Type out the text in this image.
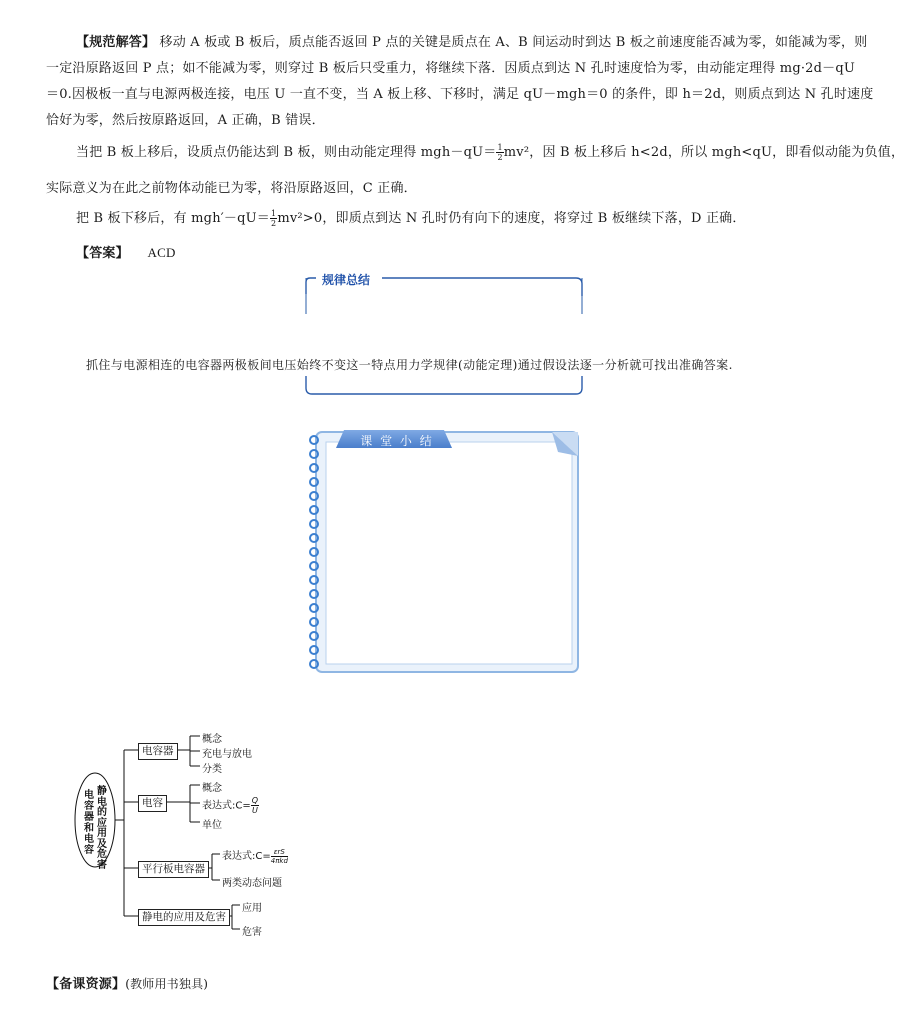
【规范解答】 移动 A 板或 B 板后，质点能否返回 P 点的关键是质点在 A、B 间运动时到达 B 板之前速度能否减为零，如能减为零，则
一定沿原路返回 P 点；如不能减为零，则穿过 B 板后只受重力，将继续下落．因质点到达 N 孔时速度恰为零，由动能定理得 mg·2d－qU
＝0.因极板一直与电源两极连接，电压 U 一直不变，当 A 板上移、下移时，满足 qU－mgh＝0 的条件，即 h＝2d，则质点到达 N 孔时速度
恰好为零，然后按原路返回，A 正确，B 错误．
当把 B 板上移后，设质点仍能达到 B 板，则由动能定理得 $mgh-qU= \frac{1}{2} mv^2$，因 B 板上移后 h<2d，所以 mgh<qU，即看似动能为负值，
实际意义为在此之前物体动能已为零，将沿原路返回，C 正确．
把 B 板下移后，有 $mgh'-qU= \frac{1}{2} mv^2>0$，即质点到达 N 孔时仍有向下的速度，将穿过 B 板继续下落，D 正确．
【答案】 ACD
规律总结
抓住与电源相连的电容器两极板间电压始终不变这一特点用力学规律(动能定理)通过假设法逐一分析就可找出准确答案.
课 堂 小 结
静电的应用及危害
电容器和电容
电容器
概念
充电与放电
分类
电容
概念
表达式:C= $\frac{Q}{U}$
单位
平行板电容器
表达式:C= $\frac{\text{εrS}}{\text{4πkd}}$
两类动态问题
静电的应用及危害
应用
危害
【备课资源】(教师用书独具)
